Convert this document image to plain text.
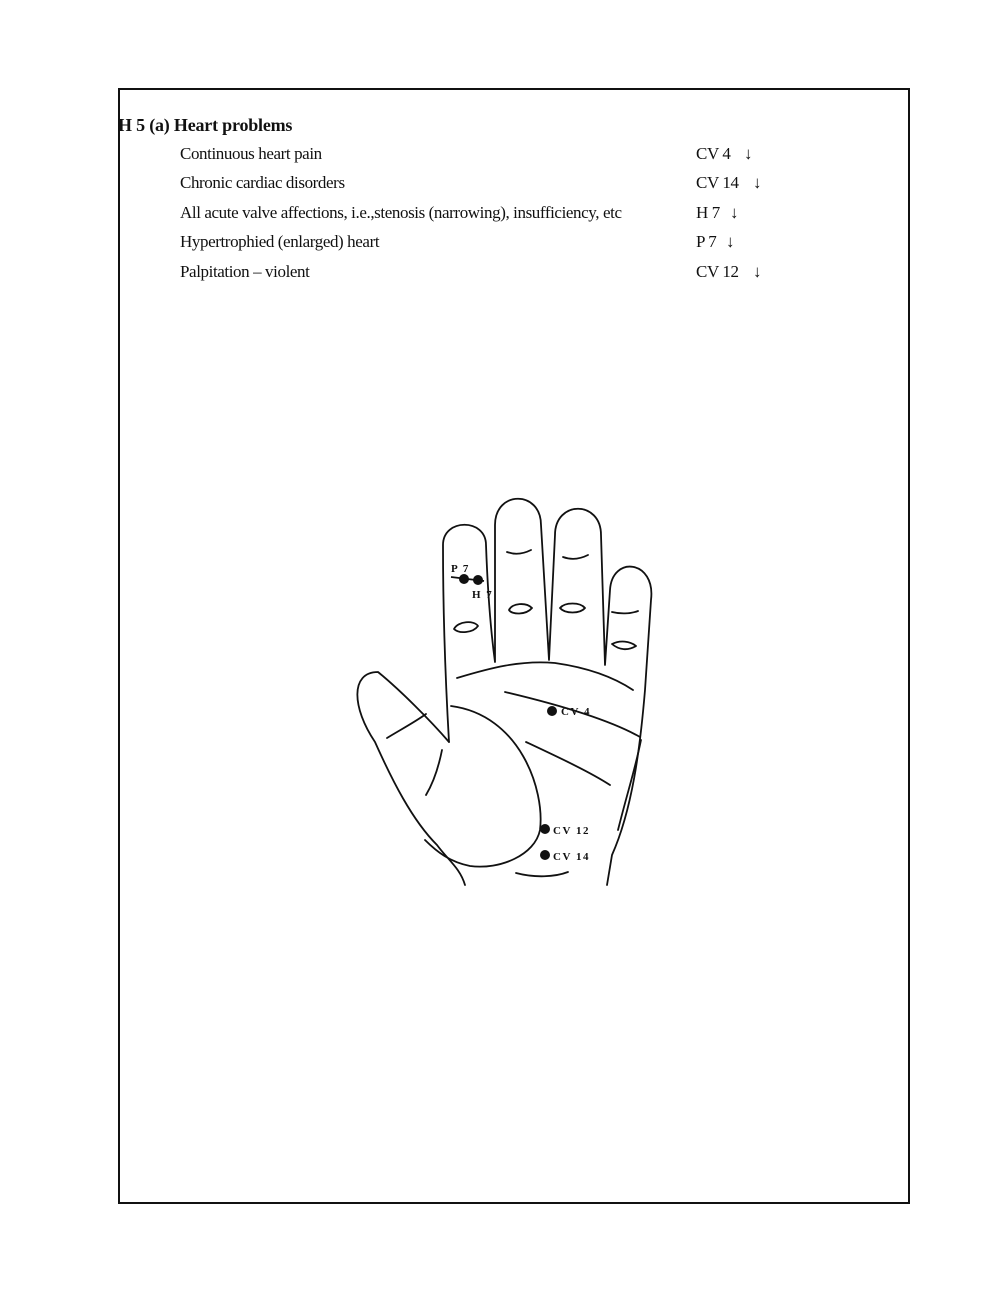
H 5 (a) Heart problems
Continuous heart pain	CV 4 ↓
Chronic cardiac disorders	CV 14 ↓
All acute valve affections, i.e.,stenosis (narrowing), insufficiency, etc	H 7 ↓
Hypertrophied (enlarged) heart	P 7 ↓
Palpitation – violent	CV 12 ↓
P 7
H 7
CV 4
CV 12
CV 14
